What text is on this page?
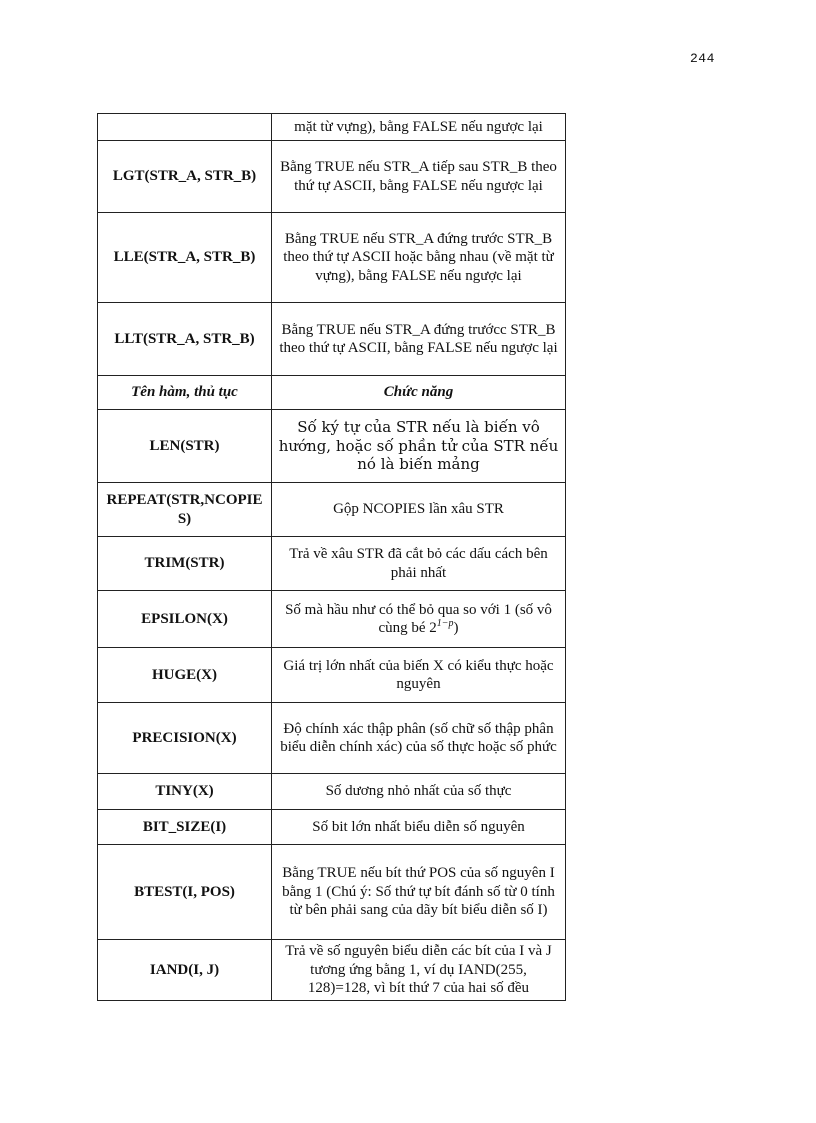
244
	mặt từ vựng), bằng FALSE nếu ngược lại
LGT(STR_A, STR_B)	Bằng TRUE nếu STR_A tiếp sau STR_B theo thứ tự ASCII, bằng FALSE nếu ngược lại
LLE(STR_A, STR_B)	Bằng TRUE nếu STR_A đứng trước STR_B theo thứ tự ASCII hoặc bằng nhau (về mặt từ vựng), bằng FALSE nếu ngược lại
LLT(STR_A, STR_B)	Bằng TRUE nếu STR_A đứng trướcc STR_B theo thứ tự ASCII, bằng FALSE nếu ngược lại
Tên hàm, thủ tục	Chức năng
LEN(STR)	Số ký tự của STR nếu là biến vô hướng, hoặc số phần tử của STR nếu nó là biến mảng
REPEAT(STR,NCOPIES)	Gộp NCOPIES lần xâu STR
TRIM(STR)	Trả về xâu STR đã cắt bỏ các dấu cách bên phải nhất
EPSILON(X)	Số mà hầu như có thể bỏ qua so với 1 (số vô cùng bé $2^{1-p}$)
HUGE(X)	Giá trị lớn nhất của biến X có kiểu thực hoặc nguyên
PRECISION(X)	Độ chính xác thập phân (số chữ số thập phân biểu diễn chính xác) của số thực hoặc số phức
TINY(X)	Số dương nhỏ nhất của số thực
BIT_SIZE(I)	Số bit lớn nhất biểu diễn số nguyên
BTEST(I, POS)	Bằng TRUE nếu bít thứ POS của số nguyên I bằng 1 (Chú ý: Số thứ tự bít đánh số từ 0 tính từ bên phải sang của dãy bít biểu diễn số I)
IAND(I, J)	Trả về số nguyên biểu diễn các bít của I và J tương ứng bằng 1, ví dụ IAND(255, 128)=128, vì bít thứ 7 của hai số đều
